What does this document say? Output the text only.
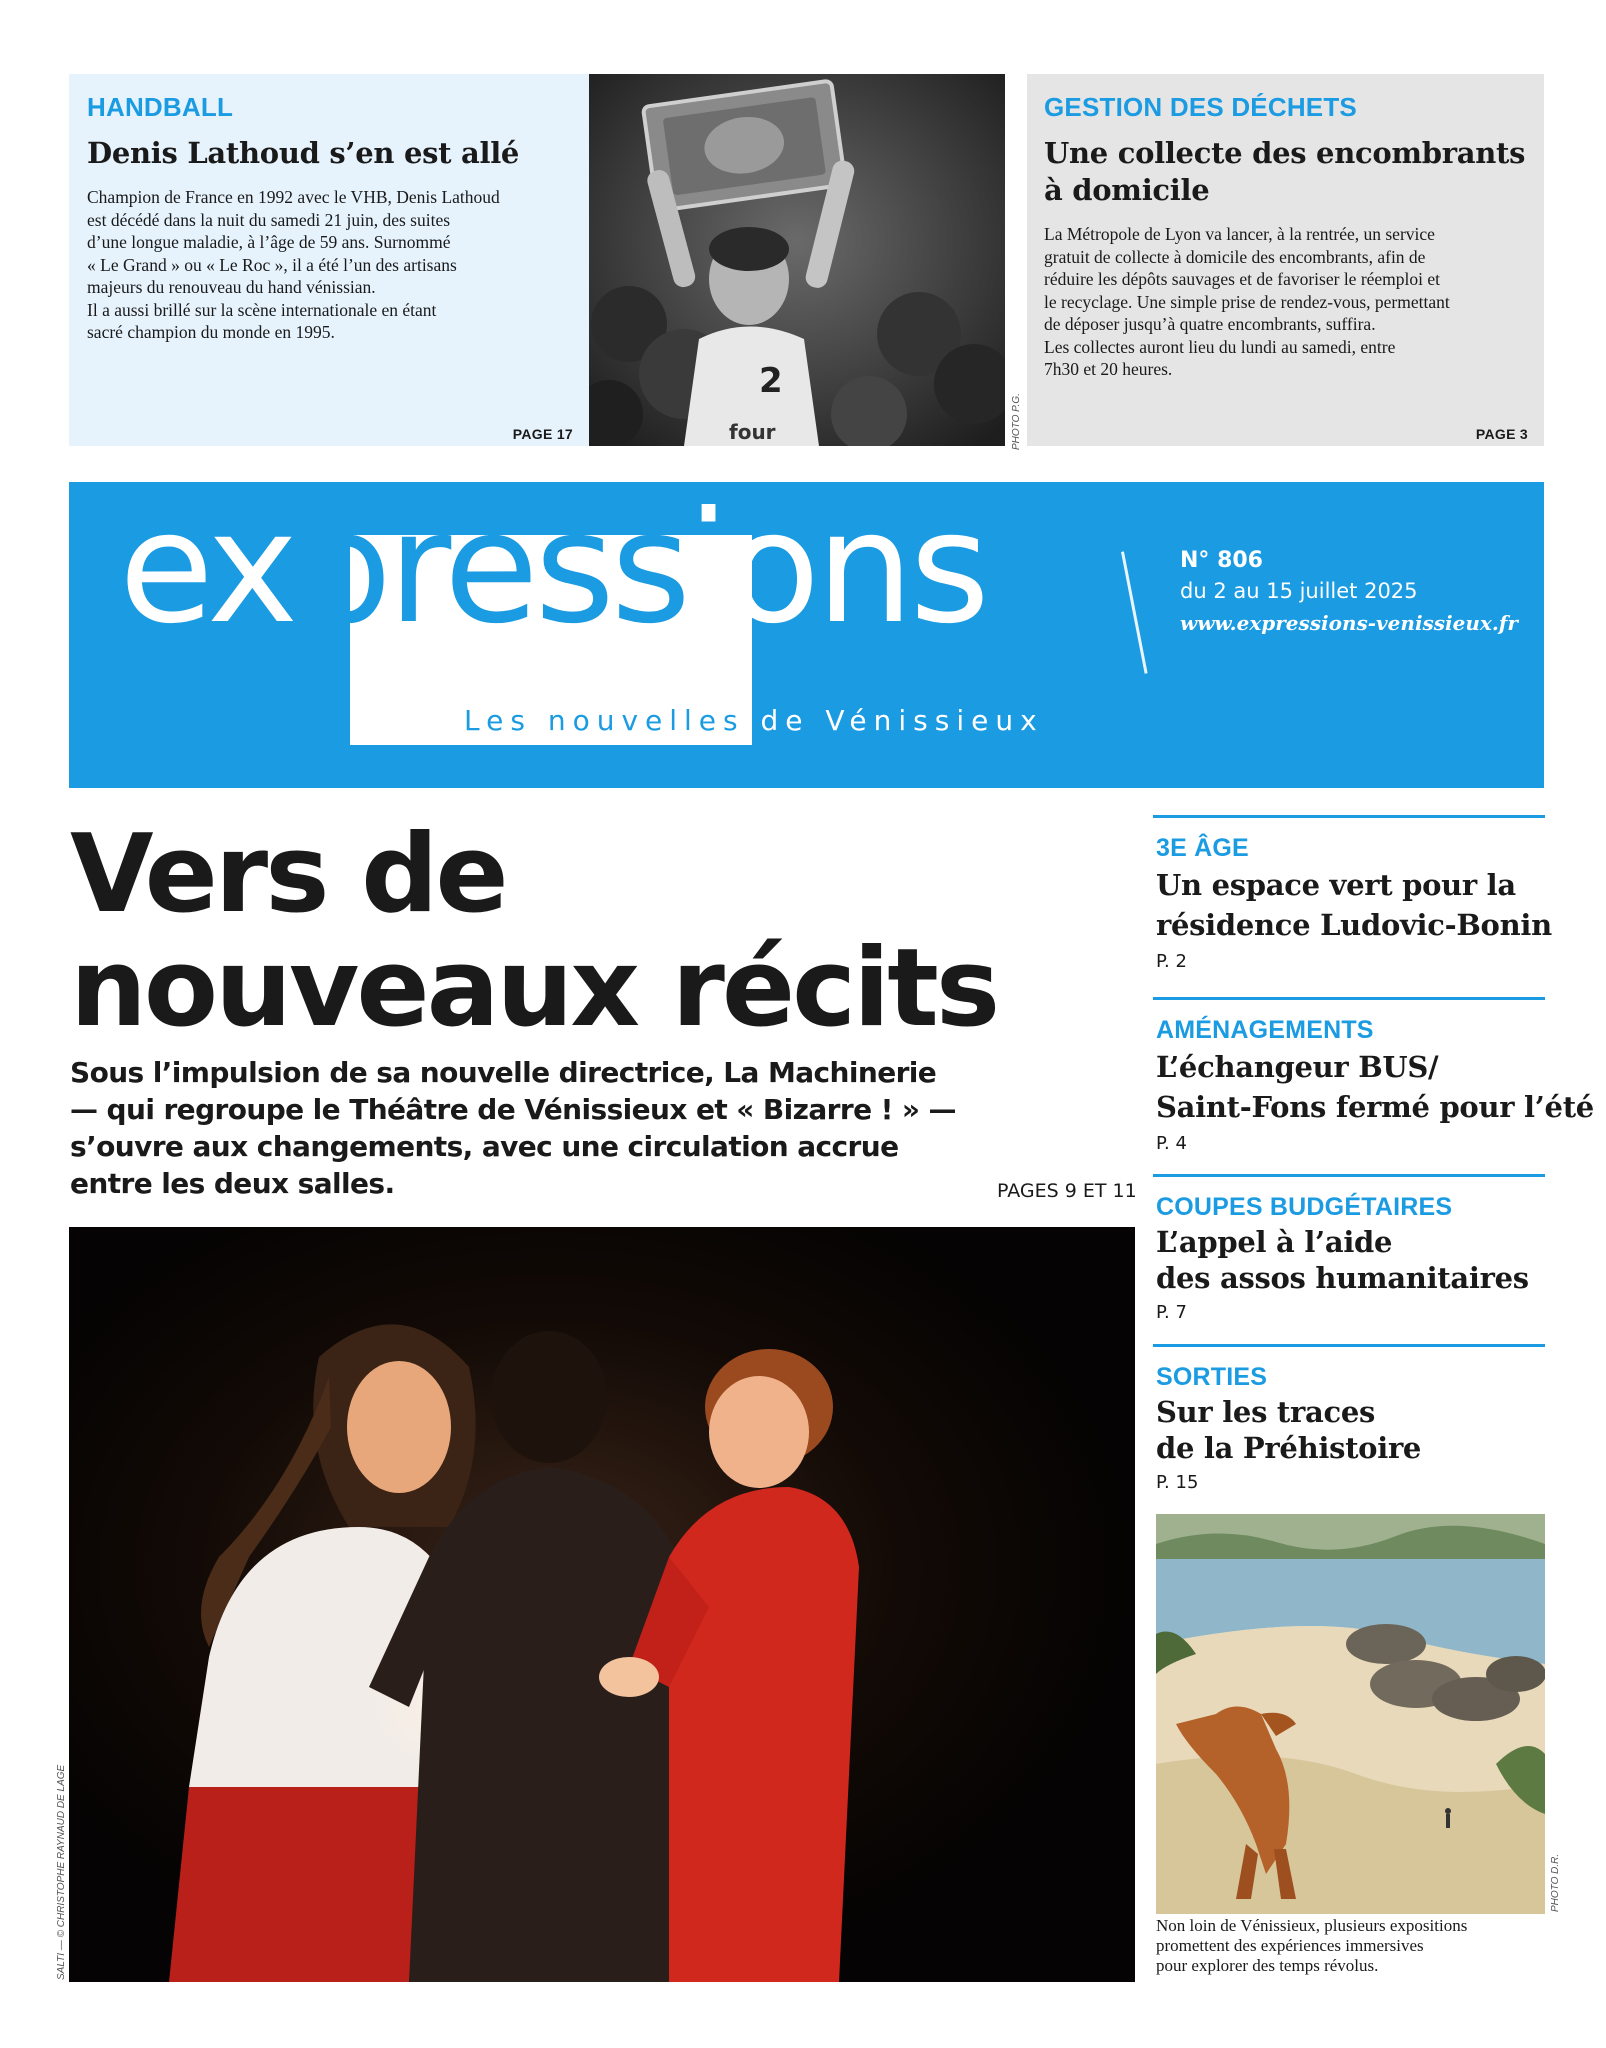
HANDBALL
Denis Lathoud s’en est allé

Champion de France en 1992 avec le VHB, Denis Lathoud
est décédé dans la nuit du samedi 21 juin, des suites
d’une longue maladie, à l’âge de 59 ans. Surnommé
« Le Grand » ou « Le Roc », il a été l’un des artisans
majeurs du renouveau du hand vénissian.
Il a aussi brillé sur la scène internationale en étant
sacré champion du monde en 1995.

PAGE 17
2
four	PHOTO P.G.
GESTION DES DÉCHETS
Une collecte des encombrants
à domicile

La Métropole de Lyon va lancer, à la rentrée, un service
gratuit de collecte à domicile des encombrants, afin de
réduire les dépôts sauvages et de favoriser le réemploi et
le recyclage. Une simple prise de rendez-vous, permettant
de déposer jusqu’à quatre encombrants, suffira.
Les collectes auront lieu du lundi au samedi, entre
7h30 et 20 heures.

PAGE 3
expressions
Les nouvelles de Vénissieux
N° 806
du 2 au 15 juillet 2025
www.expressions-venissieux.fr
Vers de
nouveaux récits
Sous l’impulsion de sa nouvelle directrice, La Machinerie
— qui regroupe le Théâtre de Vénissieux et « Bizarre ! » —
s’ouvre aux changements, avec une circulation accrue
entre les deux salles.	PAGES 9 ET 11
SALTI — © CHRISTOPHE RAYNAUD DE LAGE
3E ÂGE
Un espace vert pour la
résidence Ludovic-Bonin
P. 2
AMÉNAGEMENTS
L’échangeur BUS/
Saint-Fons fermé pour l’été
P. 4
COUPES BUDGÉTAIRES
L’appel à l’aide
des assos humanitaires
P. 7
SORTIES
Sur les traces
de la Préhistoire
P. 15
PHOTO D.R.
Non loin de Vénissieux, plusieurs expositions
promettent des expériences immersives
pour explorer des temps révolus.
